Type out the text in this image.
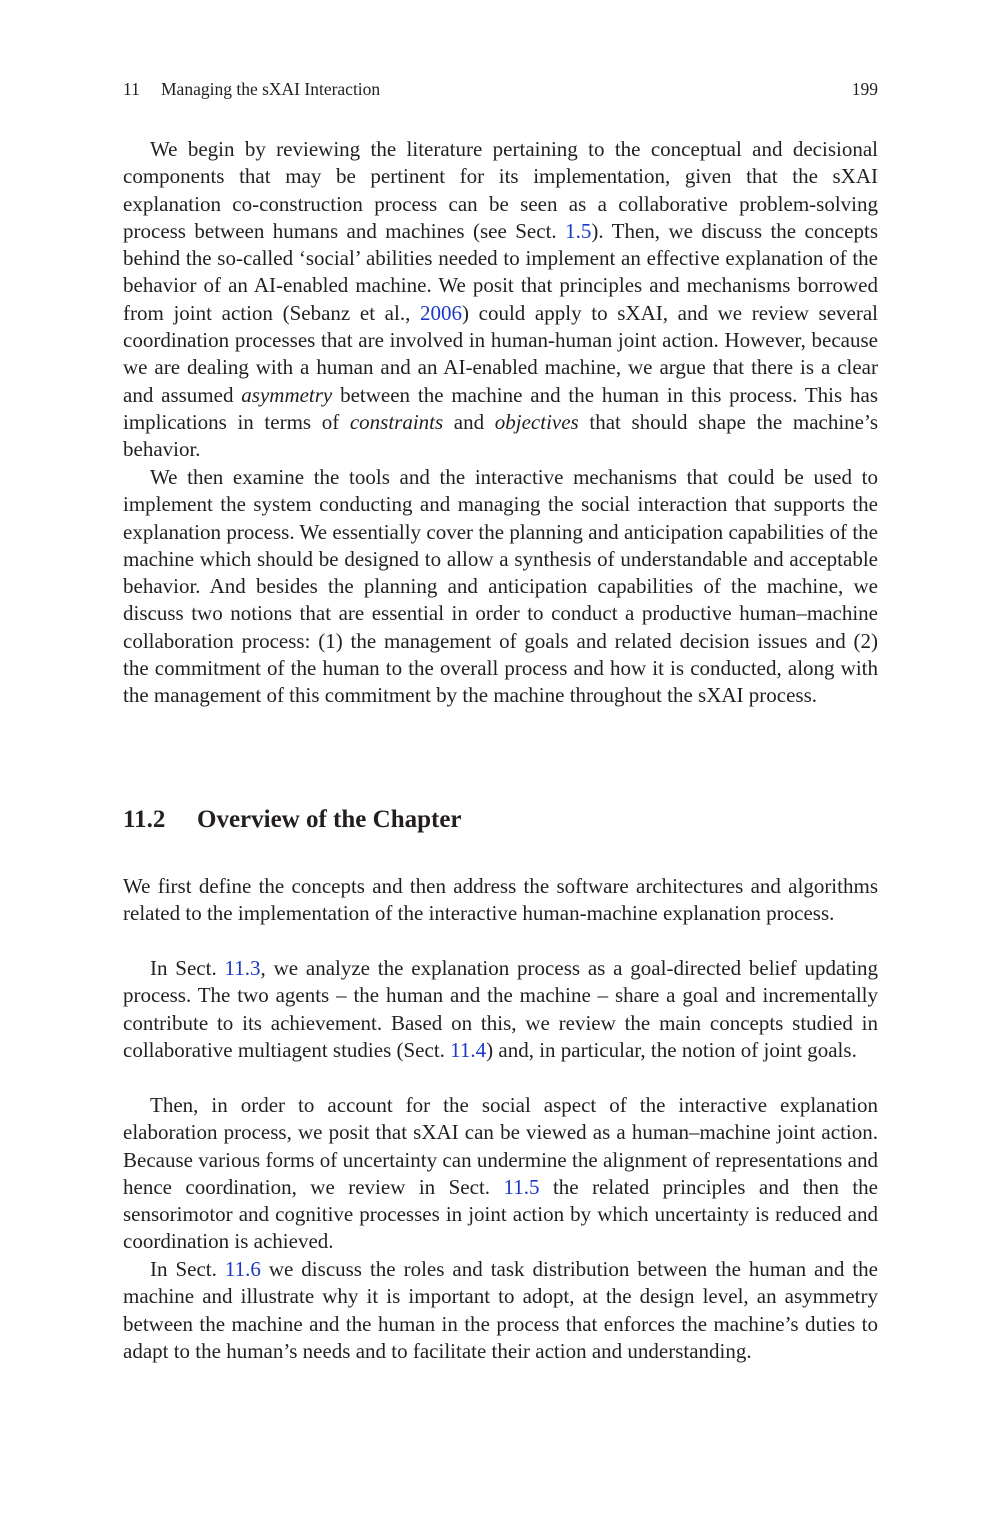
11 Managing the sXAI Interaction	199

We begin by reviewing the literature pertaining to the conceptual and decisional components that may be pertinent for its implementation, given that the sXAI explanation co-construction process can be seen as a collaborative problem-solving process between humans and machines (see Sect. 1.5). Then, we discuss the concepts behind the so-called ‘social’ abilities needed to implement an effective explanation of the behavior of an AI-enabled machine. We posit that principles and mechanisms borrowed from joint action (Sebanz et al., 2006) could apply to sXAI, and we review several coordination processes that are involved in human-human joint action. However, because we are dealing with a human and an AI-enabled machine, we argue that there is a clear and assumed asymmetry between the machine and the human in this process. This has implications in terms of constraints and objectives that should shape the machine’s behavior.

We then examine the tools and the interactive mechanisms that could be used to implement the system conducting and managing the social interaction that supports the explanation process. We essentially cover the planning and anticipation capabilities of the machine which should be designed to allow a synthesis of understandable and acceptable behavior. And besides the planning and anticipation capabilities of the machine, we discuss two notions that are essential in order to conduct a productive human–machine collaboration process: (1) the management of goals and related decision issues and (2) the commitment of the human to the overall process and how it is conducted, along with the management of this commitment by the machine throughout the sXAI process.

11.2 Overview of the Chapter

We first define the concepts and then address the software architectures and algorithms related to the implementation of the interactive human-machine explanation process.

In Sect. 11.3, we analyze the explanation process as a goal-directed belief updating process. The two agents – the human and the machine – share a goal and incrementally contribute to its achievement. Based on this, we review the main concepts studied in collaborative multiagent studies (Sect. 11.4) and, in particular, the notion of joint goals.

Then, in order to account for the social aspect of the interactive explanation elaboration process, we posit that sXAI can be viewed as a human–machine joint action. Because various forms of uncertainty can undermine the alignment of representations and hence coordination, we review in Sect. 11.5 the related principles and then the sensorimotor and cognitive processes in joint action by which uncertainty is reduced and coordination is achieved.

In Sect. 11.6 we discuss the roles and task distribution between the human and the machine and illustrate why it is important to adopt, at the design level, an asymmetry between the machine and the human in the process that enforces the machine’s duties to adapt to the human’s needs and to facilitate their action and understanding.
